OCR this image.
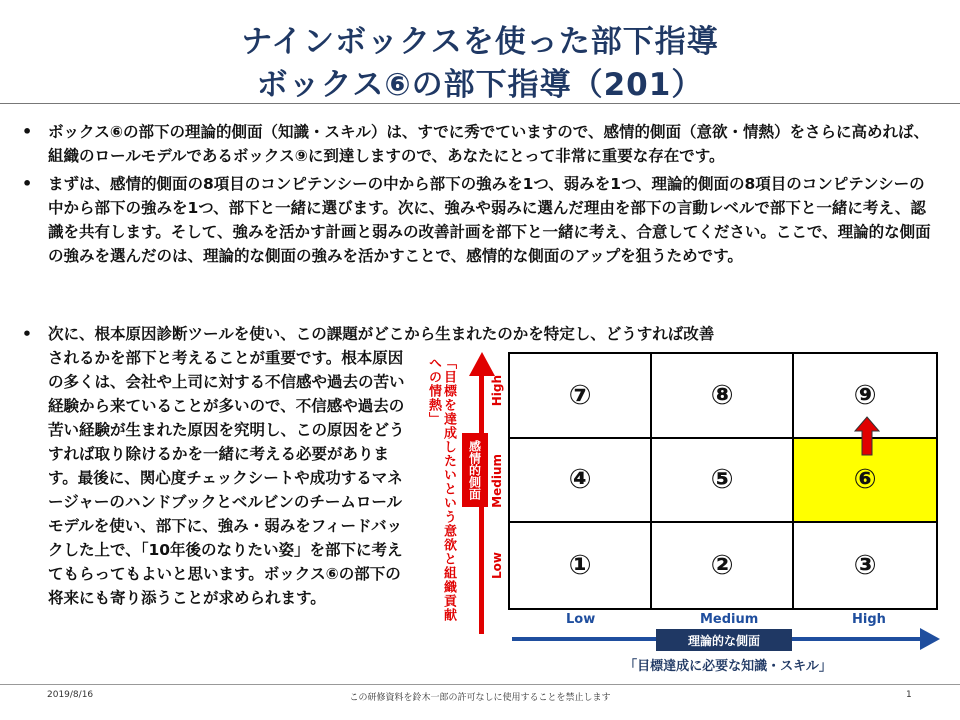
ナインボックスを使った部下指導
ボックス⑥の部下指導（201）
• ボックス⑥の部下の理論的側面（知識・スキル）は、すでに秀でていますので、感情的側面（意欲・情熱）をさらに高めれば、組織のロールモデルであるボックス⑨に到達しますので、あなたにとって非常に重要な存在です。
• まずは、感情的側面の8項目のコンピテンシーの中から部下の強みを1つ、弱みを1つ、理論的側面の8項目のコンピテンシーの中から部下の強みを1つ、部下と一緒に選びます。次に、強みや弱みに選んだ理由を部下の言動レベルで部下と一緒に考え、認識を共有します。そして、強みを活かす計画と弱みの改善計画を部下と一緒に考え、合意してください。ここで、理論的な側面の強みを選んだのは、理論的な側面の強みを活かすことで、感情的な側面のアップを狙うためです。
• 次に、根本原因診断ツールを使い、この課題がどこから生まれたのかを特定し、どうすれば改善
されるかを部下と考えることが重要です。根本原因の多くは、会社や上司に対する不信感や過去の苦い経験から来ていることが多いので、不信感や過去の苦い経験が生まれた原因を究明し、この原因をどうすれば取り除けるかを一緒に考える必要があります。最後に、関心度チェックシートや成功するマネージャーのハンドブックとベルビンのチームロールモデルを使い、部下に、強み・弱みをフィードバックした上で、「10年後のなりたい姿」を部下に考えてもらってもよいと思います。ボックス⑥の部下の将来にも寄り添うことが求められます。	「目標を達成したいという意欲と組織貢献への情熱」
感情的側面
High
Medium
Low
⑦	⑧	⑨
④	⑤	⑥
①	②	③
Low	Medium	High
理論的な側面
「目標達成に必要な知識・スキル」
2019/8/16	この研修資料を鈴木一郎の許可なしに使用することを禁止します	1
